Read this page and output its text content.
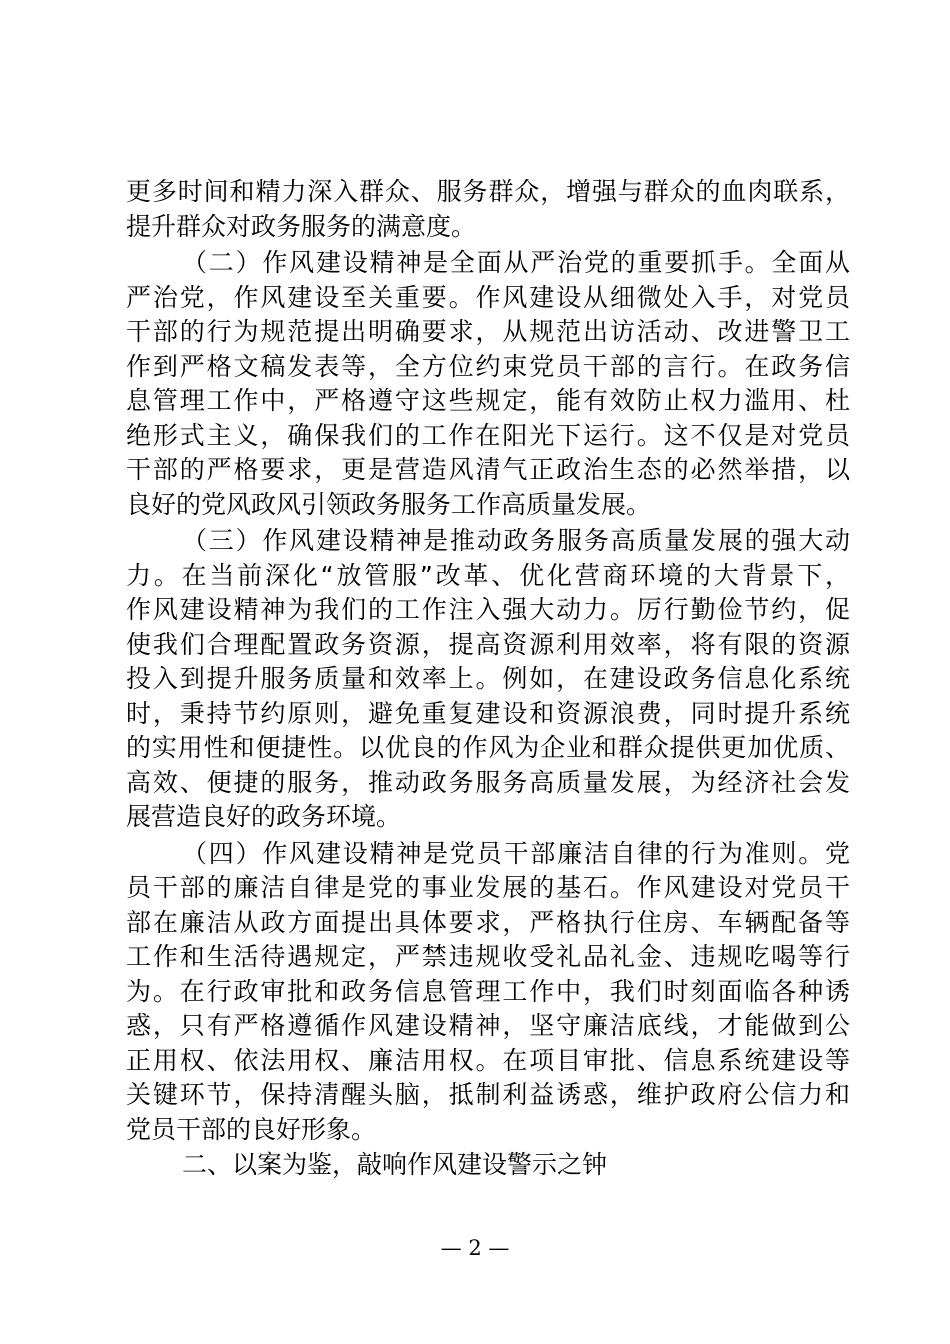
更多时间和精力深入群众、服务群众，增强与群众的血肉联系，
提升群众对政务服务的满意度。
（二）作风建设精神是全面从严治党的重要抓手。全面从
严治党，作风建设至关重要。作风建设从细微处入手，对党员
干部的行为规范提出明确要求，从规范出访活动、改进警卫工
作到严格文稿发表等，全方位约束党员干部的言行。在政务信
息管理工作中，严格遵守这些规定，能有效防止权力滥用、杜
绝形式主义，确保我们的工作在阳光下运行。这不仅是对党员
干部的严格要求，更是营造风清气正政治生态的必然举措，以
良好的党风政风引领政务服务工作高质量发展。
（三）作风建设精神是推动政务服务高质量发展的强大动
力。在当前深化“放管服”改革、优化营商环境的大背景下，
作风建设精神为我们的工作注入强大动力。厉行勤俭节约，促
使我们合理配置政务资源，提高资源利用效率，将有限的资源
投入到提升服务质量和效率上。例如，在建设政务信息化系统
时，秉持节约原则，避免重复建设和资源浪费，同时提升系统
的实用性和便捷性。以优良的作风为企业和群众提供更加优质、
高效、便捷的服务，推动政务服务高质量发展，为经济社会发
展营造良好的政务环境。
（四）作风建设精神是党员干部廉洁自律的行为准则。党
员干部的廉洁自律是党的事业发展的基石。作风建设对党员干
部在廉洁从政方面提出具体要求，严格执行住房、车辆配备等
工作和生活待遇规定，严禁违规收受礼品礼金、违规吃喝等行
为。在行政审批和政务信息管理工作中，我们时刻面临各种诱
惑，只有严格遵循作风建设精神，坚守廉洁底线，才能做到公
正用权、依法用权、廉洁用权。在项目审批、信息系统建设等
关键环节，保持清醒头脑，抵制利益诱惑，维护政府公信力和
党员干部的良好形象。
二、以案为鉴，敲响作风建设警示之钟
— 2 —
